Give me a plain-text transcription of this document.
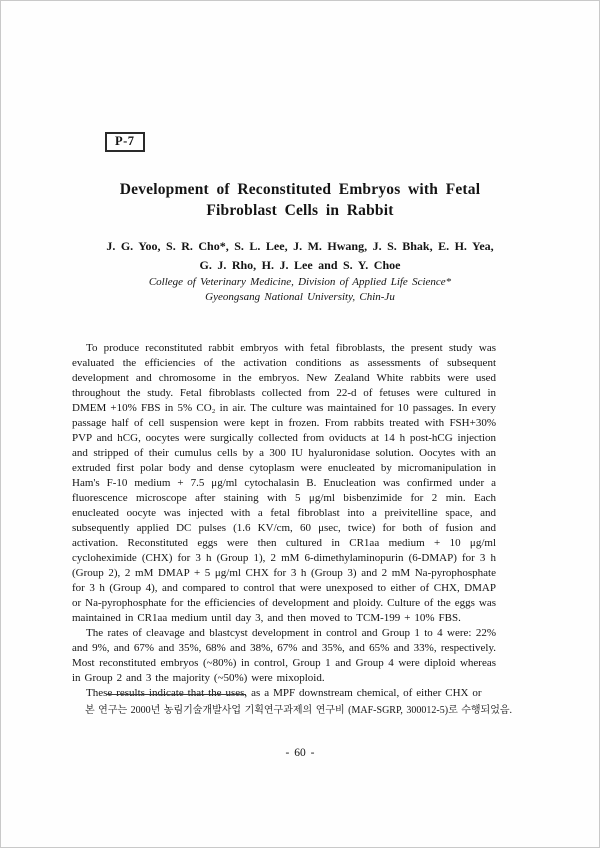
P-7
Development of Reconstituted Embryos with Fetal
Fibroblast Cells in Rabbit
J. G. Yoo, S. R. Cho*, S. L. Lee, J. M. Hwang, J. S. Bhak, E. H. Yea,
G. J. Rho, H. J. Lee and S. Y. Choe
College of Veterinary Medicine, Division of Applied Life Science*
Gyeongsang National University, Chin-Ju

To produce reconstituted rabbit embryos with fetal fibroblasts, the present study was evaluated the efficiencies of the activation conditions as assessments of subsequent development and chromosome in the embryos. New Zealand White rabbits were used throughout the study. Fetal fibroblasts collected from 22-d of fetuses were cultured in DMEM +10% FBS in 5% CO₂ in air. The culture was maintained for 10 passages. In every passage half of cell suspension were kept in frozen. From rabbits treated with FSH+30% PVP and hCG, oocytes were surgically collected from oviducts at 14 h post-hCG injection and stripped of their cumulus cells by a 300 IU hyaluronidase solution. Oocytes with an extruded first polar body and dense cytoplasm were enucleated by micromanipulation in Ham's F-10 medium + 7.5 μg/ml cytochalasin B. Enucleation was confirmed under a fluorescence microscope after staining with 5 μg/ml bisbenzimide for 2 min. Each enucleated oocyte was injected with a fetal fibroblast into a preivitelline space, and subsequently applied DC pulses (1.6 KV/cm, 60 μsec, twice) for both of fusion and activation. Reconstituted eggs were then cultured in CR1aa medium + 10 μg/ml cycloheximide (CHX) for 3 h (Group 1), 2 mM 6-dimethylaminopurin (6-DMAP) for 3 h (Group 2), 2 mM DMAP + 5 μg/ml CHX for 3 h (Group 3) and 2 mM Na-pyrophosphate for 3 h (Group 4), and compared to control that were unexposed to either of CHX, DMAP or Na-pyrophosphate for the efficiencies of development and ploidy. Culture of the eggs was maintained in CR1aa medium until day 3, and then moved to TCM-199 + 10% FBS.

The rates of cleavage and blastcyst development in control and Group 1 to 4 were: 22% and 9%, and 67% and 35%, 68% and 38%, 67% and 35%, and 65% and 33%, respectively. Most reconstituted embryos (~80%) in control, Group 1 and Group 4 were diploid whereas in Group 2 and 3 the majority (~50%) were mixoploid.

These results indicate that the uses, as a MPF downstream chemical, of either CHX or

본 연구는 2000년 농림기술개발사업 기획연구과제의 연구비 (MAF-SGRP, 300012-5)로 수행되었음.
- 60 -
